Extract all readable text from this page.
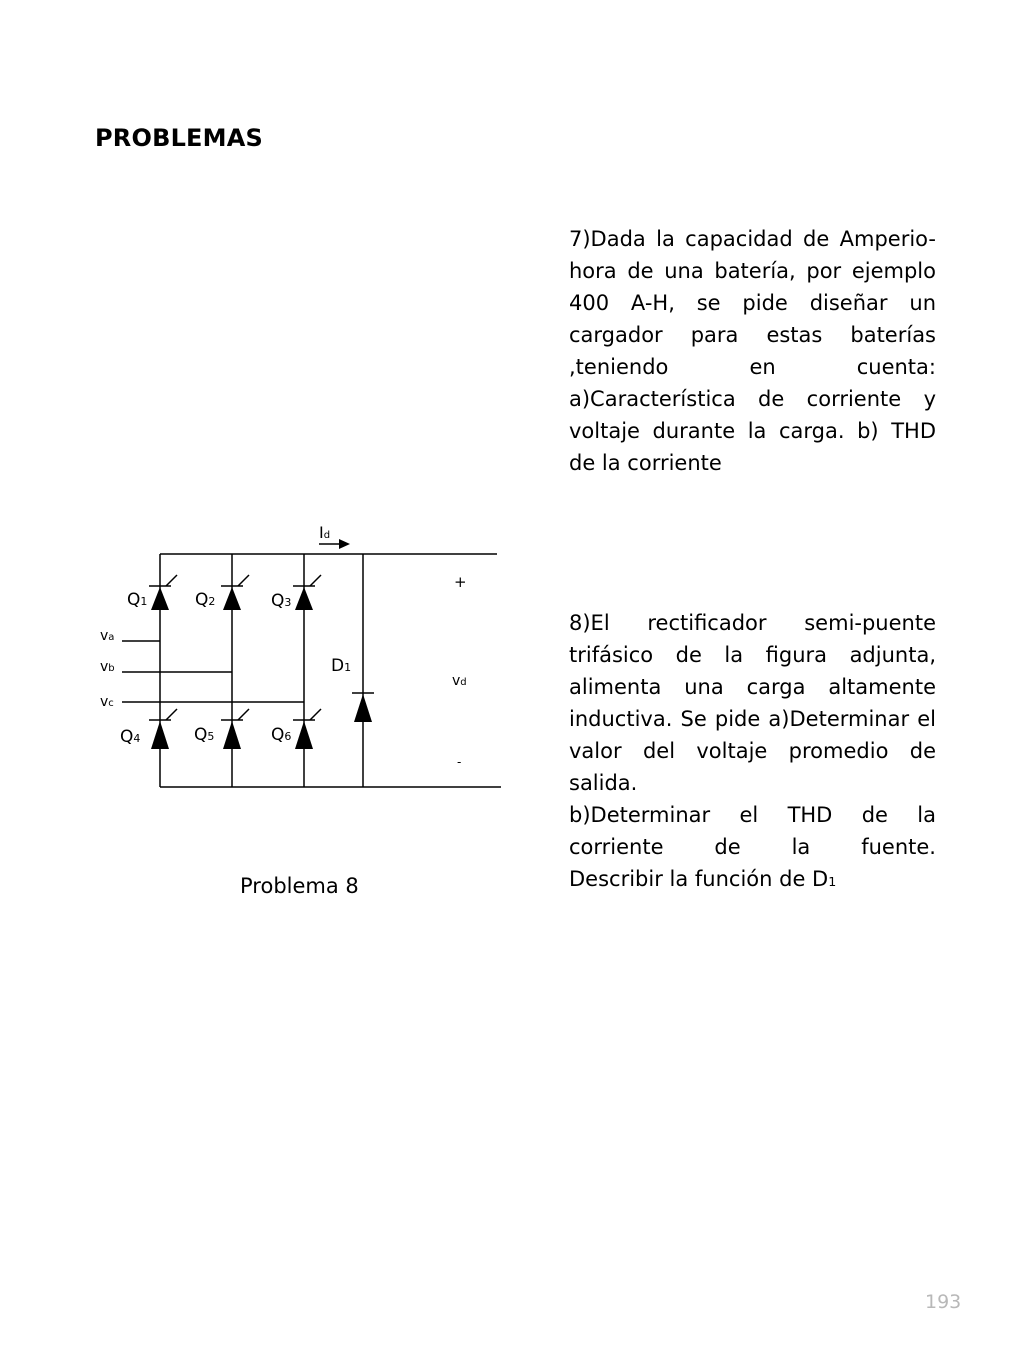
PROBLEMAS
7)Dada la capacidad de Amperio-hora de una batería, por ejemplo 400 A-H, se pide diseñar un cargador para estas baterías ,teniendo en cuenta: a)Característica de corriente y voltaje durante la carga. b) THD de la corriente
8)El rectificador semi-puente trifásico de la figura adjunta, alimenta una carga altamente inductiva. Se pide a)Determinar el valor del voltaje promedio de salida.
b)Determinar el THD de la corriente de la fuente.
Describir la función de D1
Id
Q1	Q2	Q3
Q4	Q5	Q6
D1
va
vb
vc
+
vd
-
Problema 8
193
